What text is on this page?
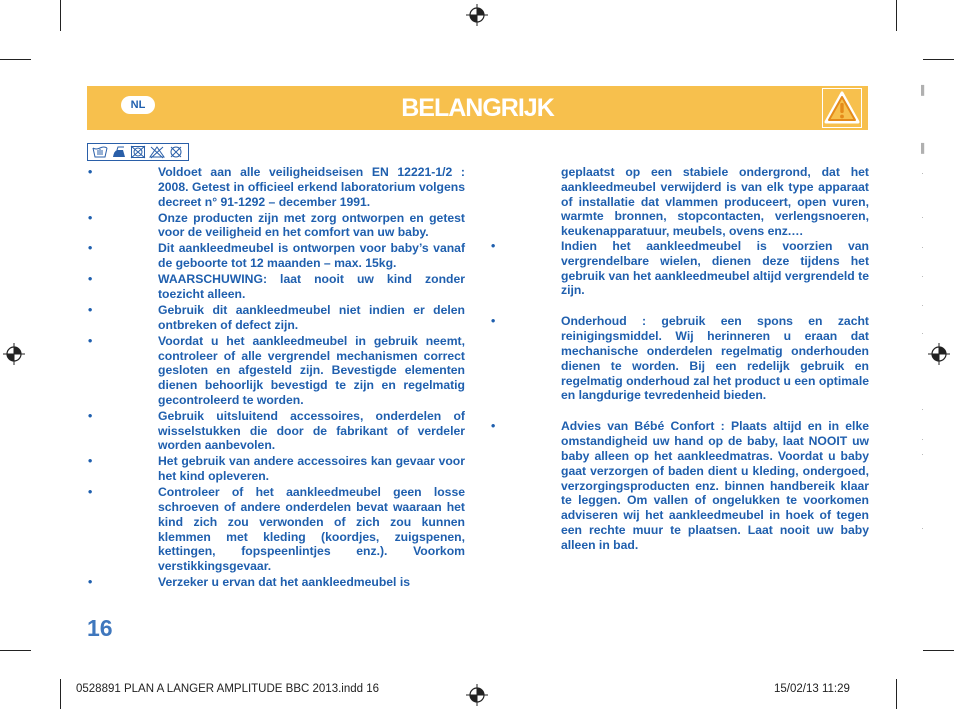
▌
▌
·
·
·
·
·
·
·
·
·
·
NL	BELANGRIJK
•	Voldoet aan alle veiligheidseisen EN 12221-1/2 : 2008. Getest in officieel erkend laboratorium volgens decreet n° 91-1292 – december 1991.
•	Onze producten zijn met zorg ontworpen en getest voor de veiligheid en het comfort van uw baby.
•	Dit aankleedmeubel is ontworpen voor baby’s vanaf de geboorte tot 12 maanden – max. 15kg.
•	WAARSCHUWING: laat nooit uw kind zonder toezicht alleen.
•	Gebruik dit aankleedmeubel niet indien er delen ontbreken of defect zijn.
•	Voordat u het aankleedmeubel in gebruik neemt, controleer of alle vergrendel mechanismen correct gesloten en afgesteld zijn. Bevestigde elementen dienen behoorlijk bevestigd te zijn en regelmatig gecontroleerd te worden.
•	Gebruik uitsluitend accessoires, onderdelen of wisselstukken die door de fabrikant of verdeler worden aanbevolen.
•	Het gebruik van andere accessoires kan gevaar voor het kind opleveren.
•	Controleer of het aankleedmeubel geen losse schroeven of andere onderdelen bevat waaraan het kind zich zou verwonden of zich zou kunnen klemmen met kleding (koordjes, zuigspenen, kettingen, fopspeenlintjes enz.). Voorkom verstikkingsgevaar.
•	Verzeker u ervan dat het aankleedmeubel is
geplaatst op een stabiele ondergrond, dat het aankleedmeubel verwijderd is van elk type apparaat of installatie dat vlammen produceert, open vuren, warmte bronnen, stopcontacten, verlengsnoeren, keukenapparatuur, meubels, ovens enz.…
•	Indien het aankleedmeubel is voorzien van vergrendelbare wielen, dienen deze tijdens het gebruik van het aankleedmeubel altijd vergrendeld te zijn.
•	Onderhoud : gebruik een spons en zacht reinigingsmiddel. Wij herinneren u eraan dat mechanische onderdelen regelmatig onderhouden dienen te worden. Bij een redelijk gebruik en regelmatig onderhoud zal het product u een optimale en langdurige tevredenheid bieden.
•	Advies van Bébé Confort : Plaats altijd en in elke omstandigheid uw hand op de baby, laat NOOIT uw baby alleen op het aankleedmatras. Voordat u baby gaat verzorgen of baden dient u kleding, ondergoed, verzorgingsproducten enz. binnen handbereik klaar te leggen. Om vallen of ongelukken te voorkomen adviseren wij het aankleedmeubel in hoek of tegen een rechte muur te plaatsen. Laat nooit uw baby alleen in bad.
16
0528891 PLAN A LANGER AMPLITUDE BBC 2013.indd 16	15/02/13 11:29
